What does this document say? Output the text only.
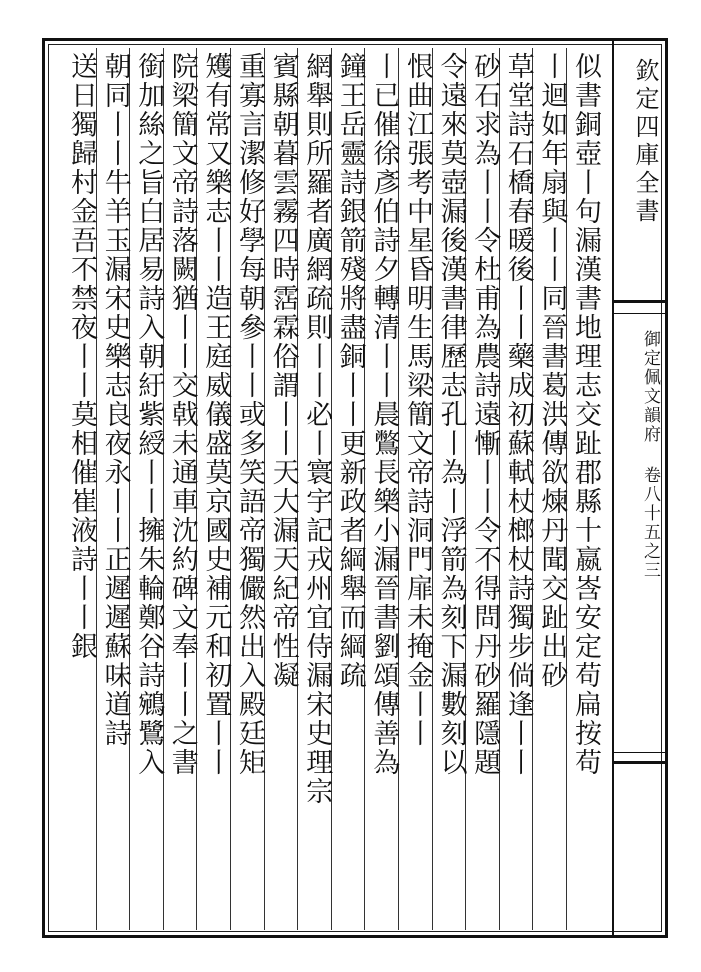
欽定四庫全書
御定佩文韻府 卷八十五之三
似書銅壺丨句漏漢書地理志交趾郡縣十嬴㟔安定苟扁按苟
丨迴如年扇與丨丨同晉書葛洪傳欲煉丹聞交趾出砂
草堂詩石橋春暖後丨丨藥成初蘇軾杖榔杖詩獨步倘逢丨丨
砂石求為丨丨令杜甫為農詩遠慚丨丨令不得問丹砂羅隱題
令遠來莫壺漏後漢書律歷志孔丨為丨浮箭為刻下漏數刻以
恨曲江張考中星昏明生馬梁簡文帝詩洞門扉未掩金丨丨
丨已催徐彥伯詩夕轉清丨丨晨鷩長樂小漏晉書劉頌傳善為
鐘王岳靈詩銀箭殘將盡銅丨丨更新政者綱舉而綱疏
網舉則所羅者廣網疏則丨丨必丨寰宇記戎州宜侍漏宋史理宗
賓縣朝暮雲霧四時霑霖俗謂丨丨天大漏天紀帝性凝
重寡言潔修好學每朝參丨丨或多笑語帝獨儼然出入殿廷矩
矱有常又樂志丨丨造王庭威儀盛莫京國史補元和初置丨丨
院梁簡文帝詩落闕猶丨丨交戟未通車沈約碑文奉丨丨之書
銜加絲之旨白居易詩入朝紆紫綬丨丨擁朱輪鄭谷詩鵷鷺入
朝同丨丨牛羊玉漏宋史樂志良夜永丨丨正遲遲蘇味道詩
送日獨歸村金吾不禁夜丨丨莫相催崔液詩丨丨銀
